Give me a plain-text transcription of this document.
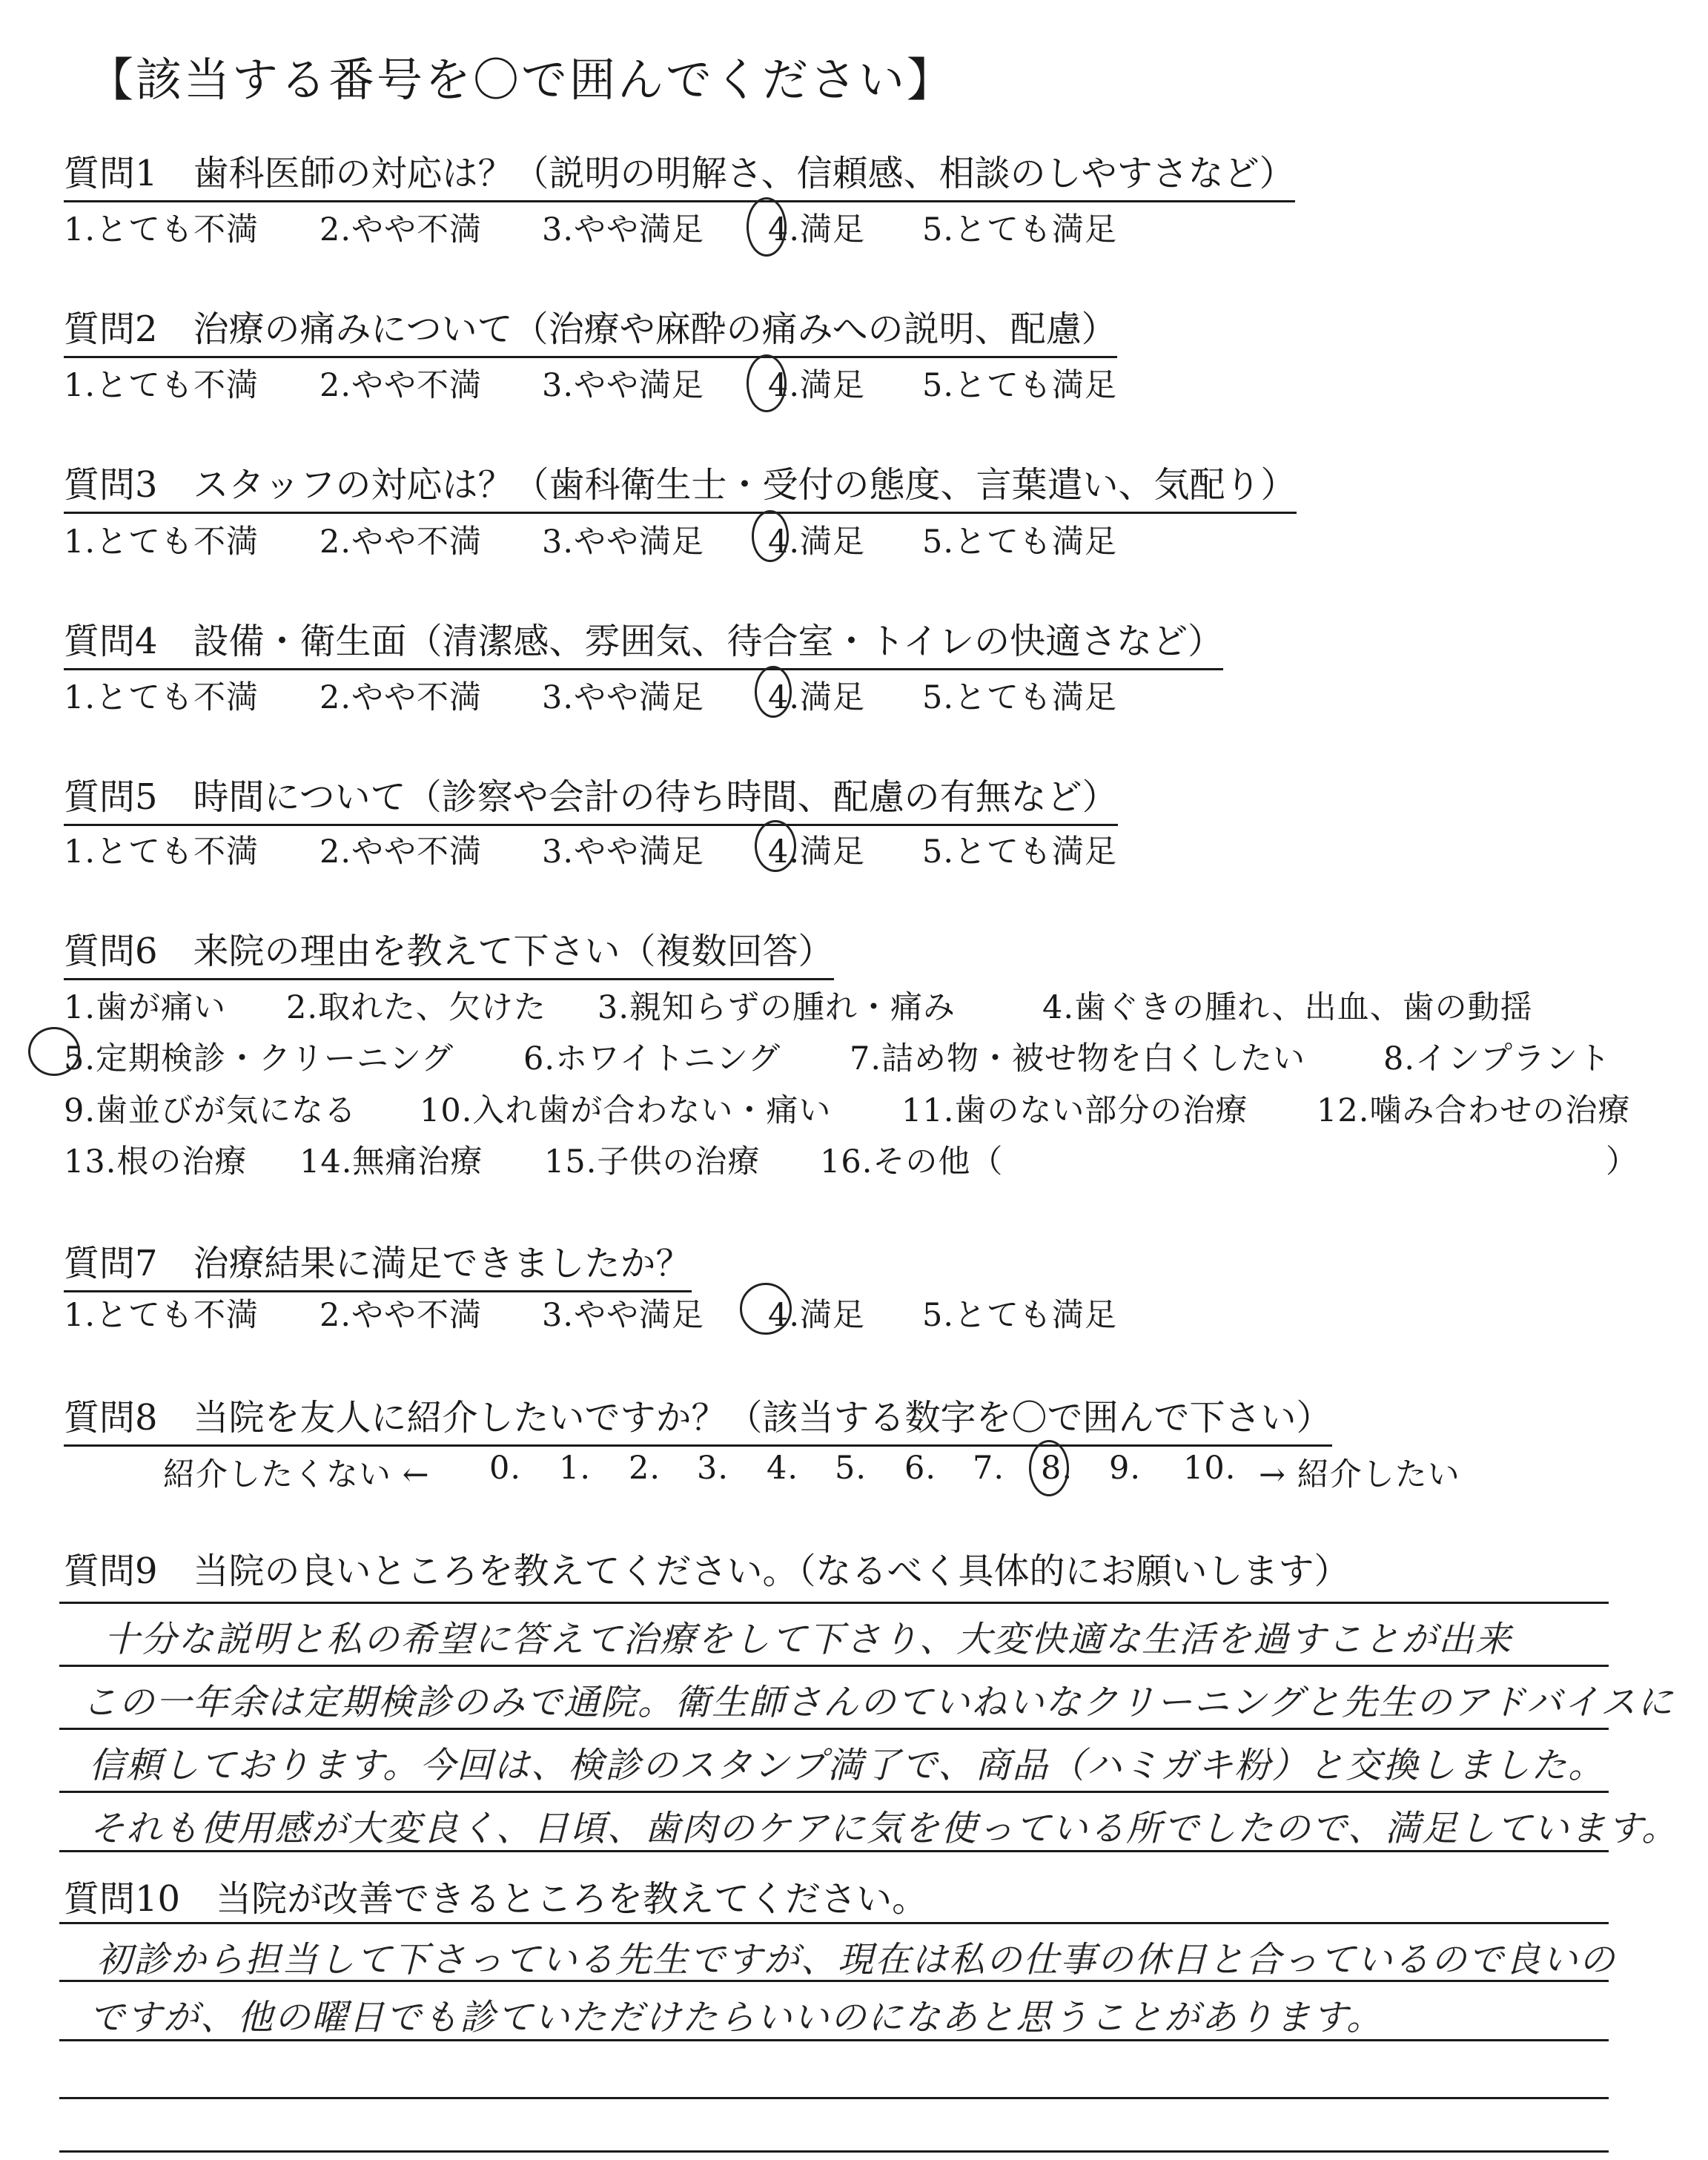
【該当する番号を〇で囲んでください】
質問1　歯科医師の対応は？（説明の明解さ、信頼感、相談のしやすさなど）
1.とても不満 2.やや不満 3.やや満足 4.満足 5.とても満足
質問2　治療の痛みについて（治療や麻酔の痛みへの説明、配慮）
1.とても不満 2.やや不満 3.やや満足 4.満足 5.とても満足
質問3　スタッフの対応は？（歯科衛生士・受付の態度、言葉遣い、気配り）
1.とても不満 2.やや不満 3.やや満足 4.満足 5.とても満足
質問4　設備・衛生面（清潔感、雰囲気、待合室・トイレの快適さなど）
1.とても不満 2.やや不満 3.やや満足 4.満足 5.とても満足
質問5　時間について（診察や会計の待ち時間、配慮の有無など）
1.とても不満 2.やや不満 3.やや満足 4.満足 5.とても満足
質問6　来院の理由を教えて下さい（複数回答）
1.歯が痛い 2.取れた、欠けた 3.親知らずの腫れ・痛み	4.歯ぐきの腫れ、出血、歯の動揺
5.定期検診・クリーニング 6.ホワイトニング 7.詰め物・被せ物を白くしたい 8.インプラント
9.歯並びが気になる 10.入れ歯が合わない・痛い 11.歯のない部分の治療 12.噛み合わせの治療
13.根の治療 14.無痛治療 15.子供の治療 16.その他（	）
質問7　治療結果に満足できましたか？
1.とても不満 2.やや不満 3.やや満足 4.満足 5.とても満足
質問8　当院を友人に紹介したいですか？（該当する数字を〇で囲んで下さい）
紹介したくない ← 0. 1. 2. 3. 4. 5. 6. 7. 8. 9. 10. → 紹介したい
質問9　当院の良いところを教えてください。（なるべく具体的にお願いします）
十分な説明と私の希望に答えて治療をして下さり、大変快適な生活を過すことが出来
この一年余は定期検診のみで通院。衛生師さんのていねいなクリーニングと先生のアドバイスに
信頼しております。今回は、検診のスタンプ満了で、商品（ハミガキ粉）と交換しました。
それも使用感が大変良く、日頃、歯肉のケアに気を使っている所でしたので、満足しています。
質問10　当院が改善できるところを教えてください。
初診から担当して下さっている先生ですが、現在は私の仕事の休日と合っているので良いの
ですが、他の曜日でも診ていただけたらいいのになあと思うことがあります。
